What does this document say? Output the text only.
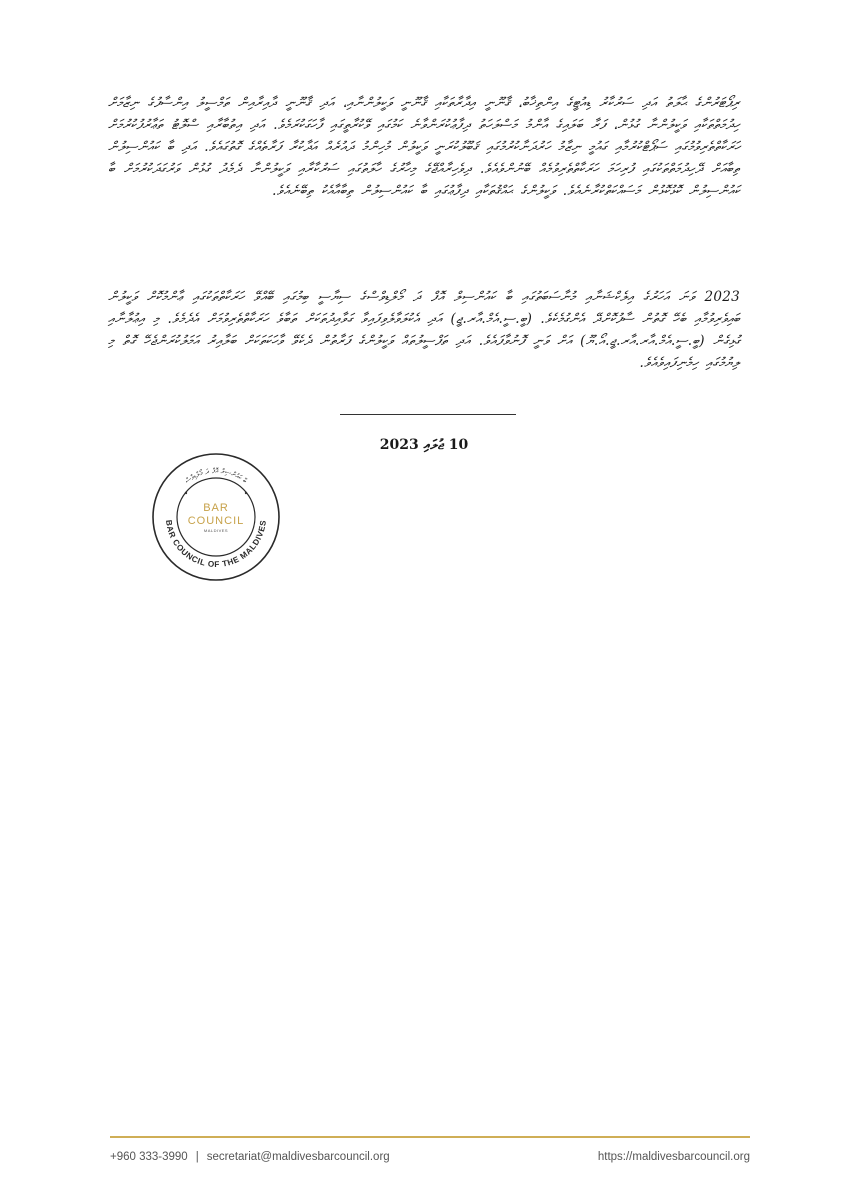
ރިޕޯޓަރުންގެ ޙާލަތު އަދި ސަރުކާރު ޑިއުޓީގެ އިންތިޚާބު، ޤާނޫނީ އިދާރާތަކާއި ޤާނޫނީ ވަކީލުންނާއި، އަދި ޤާނޫނީ ދާއިރާއިން ތަމްސީލު އިންސާފުގެ ނިޒާމަށް ހިދުމަތްތަކާއި ވަކީލުންނާ ގުޅުން، ފަރާ ބަލައިގެ އާންމު މަސްލަހަތު ދިފާޢުކުރަންވާނެ ކަމުގައި ވޭކުރާތީގައި ފާހަގަކުރަމެވެ. އަދި އިތުބާރާއި ސްލޮޓު ތަޢާރުފުކުރުމަށް ހަރަކާތްތެރިވުމުގައި ސަޕޯޓްކުރުމާއި ގައުމީ ނިޒާމު ހަރުދަނާކުރުމުގައި ޤަބޫލުކުރަނީ ވަކީލުން މުހިންމު ދައުރެއް އަދާކުރާ ފަރާތެއްގެ ގޮތުގައެވެ. އަދި ބާ ކައުންސިލުން ތިބާއަށް ދޭހިދުމަތްތަކުގައި ފުރިހަމަ ހަރަކާތްތެރިވުމެއް ބޭނުންވެއެވެ. ދިވެހިރާއްޖޭގެ މިހާރުގެ ހާލަތުގައި ސަރުކާރާއި ވަކީލުންނާ ދެމެދު ގުޅުން ވަރުގަދަކުރުމަށް ބާ ކައުންސިލުން ކޮޅުކޮޅުން މަސައްކަތްކުރާނެއެވެ. ވަކީލުންގެ ޙައްޤުތަކާއި ދިފާޢުގައި ބާ ކައުންސިލުން ތިބާއާއެކު ތިބޭނެއެވެ.

2023 ވަނަ އަހަރުގެ އިލެކްޝަނާއި މުނާސަބަތުގައި ބާ ކައުންސިލް އޮފް ދަ މޯލްޑިވްސްގެ ސިޔާސީ ބިމުގައި ބޭއްވޭ ހަރަކާތްތަކުގައި ޢާންމުކޮށް ވަކީލުން ބައިވެރިވުމާއި ބެހޭ ގޮތުން ސާފުކޮށްދޭ އެންގުމެކެވެ. (ބީ.ސީ.އެމް.އާރ.ޖީ) އަދި އެކުލަވާލެވިފައިވާ ގަވާއިދުތަކަށް ތަބާވެ ހަރަކާތްތެރިވުމަށް އެދެމެވެ. މި އިޢުލާނާއި ގުޅިގެން (ބީ.ސީ.އެމް.އާރ.އާރ.ޖީ.އޯ.ޔޫ) އަށް ވަނީ ފޮނުވާފައެވެ. އަދި ތަފްސީލުތައް ވަކީލުންގެ ފަރާތުން ދެކެވޭ ވާހަކަތަކަށް ބަލާއިރު އަމަލުކުރަންޖެހޭ ގޮތް މި ލިޔުމުގައި ހިމެނިފައިވެއެވެ.

10 ޖުލައި 2023
ބާ ކައުންސިލް އޮފް ދަ މޯލްޑިވްސް
BAR COUNCIL OF THE MALDIVES
BAR
COUNCIL
MALDIVES
+960 333-3990 | secretariat@maldivesbarcouncil.org	https://maldivesbarcouncil.org
